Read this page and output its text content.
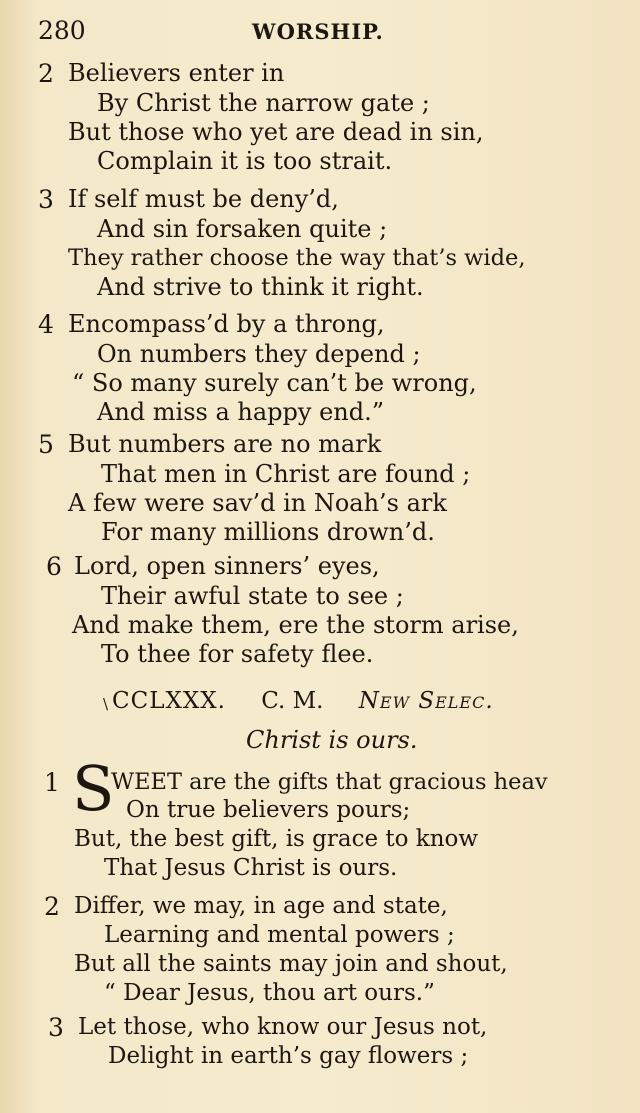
280	WORSHIP.
2 Believers enter in
By Christ the narrow gate ;
But those who yet are dead in sin,
Complain it is too strait.
3 If self must be deny’d,
And sin forsaken quite ;
They rather choose the way that’s wide,
And strive to think it right.
4 Encompass’d by a throng,
On numbers they depend ;
“ So many surely can’t be wrong,
And miss a happy end.”
5 But numbers are no mark
That men in Christ are found ;
A few were sav’d in Noah’s ark
For many millions drown’d.
6 Lord, open sinners’ eyes,
Their awful state to see ;
And make them, ere the storm arise,
To thee for safety flee.
\ CCLXXX. C. M. New Selec.
Christ is ours.
1 S
WEET are the gifts that gracious heav
On true believers pours;
But, the best gift, is grace to know
That Jesus Christ is ours.
2 Differ, we may, in age and state,
Learning and mental powers ;
But all the saints may join and shout,
“ Dear Jesus, thou art ours.”
3 Let those, who know our Jesus not,
Delight in earth’s gay flowers ;
